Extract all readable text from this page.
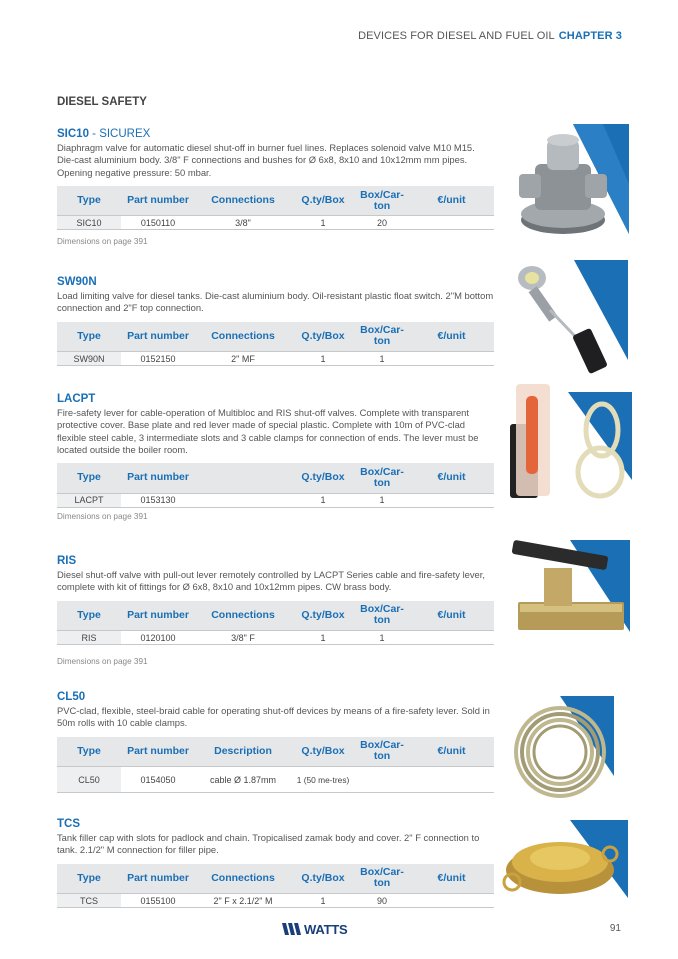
DEVICES FOR DIESEL AND FUEL OIL CHAPTER 3
DIESEL SAFETY
SIC10 - SICUREX
Diaphragm valve for automatic diesel shut-off in burner fuel lines. Replaces solenoid valve M10 M15. Die-cast aluminium body. 3/8" F connections and bushes for Ø 6x8, 8x10 and 10x12mm mm pipes. Opening negative pressure: 50 mbar.
Type	Part number	Connections	Q.ty/Box	Box/Car-ton	€/unit
SIC10	0150110	3/8"	1	20	
Dimensions on page 391
SW90N
Load limiting valve for diesel tanks. Die-cast aluminium body. Oil-resistant plastic float switch. 2"M bottom connection and 2"F top connection.
Type	Part number	Connections	Q.ty/Box	Box/Car-ton	€/unit
SW90N	0152150	2" MF	1	1	
LACPT
Fire-safety lever for cable-operation of Multibloc and RIS shut-off valves. Complete with transparent protective cover. Base plate and red lever made of special plastic. Complete with 10m of PVC-clad flexible steel cable, 3 intermediate slots and 3 cable clamps for connection of ends. The lever must be located outside the boiler room.
Type	Part number		Q.ty/Box	Box/Car-ton	€/unit
LACPT	0153130		1	1	
Dimensions on page 391
RIS
Diesel shut-off valve with pull-out lever remotely controlled by LACPT Series cable and fire-safety lever, complete with kit of fittings for Ø 6x8, 8x10 and 10x12mm pipes. CW brass body.
Type	Part number	Connections	Q.ty/Box	Box/Car-ton	€/unit
RIS	0120100	3/8" F	1	1	
Dimensions on page 391
CL50
PVC-clad, flexible, steel-braid cable for operating shut-off devices by means of a fire-safety lever. Sold in 50m rolls with 10 cable clamps.
Type	Part number	Description	Q.ty/Box	Box/Car-ton	€/unit
CL50	0154050	cable Ø 1.87mm	1 (50 me-tres)		
TCS
Tank filler cap with slots for padlock and chain. Tropicalised zamak body and cover. 2" F connection to tank. 2.1/2" M connection for filler pipe.
Type	Part number	Connections	Q.ty/Box	Box/Car-ton	€/unit
TCS	0155100	2" F x 2.1/2" M	1	90	
WATTS	91
